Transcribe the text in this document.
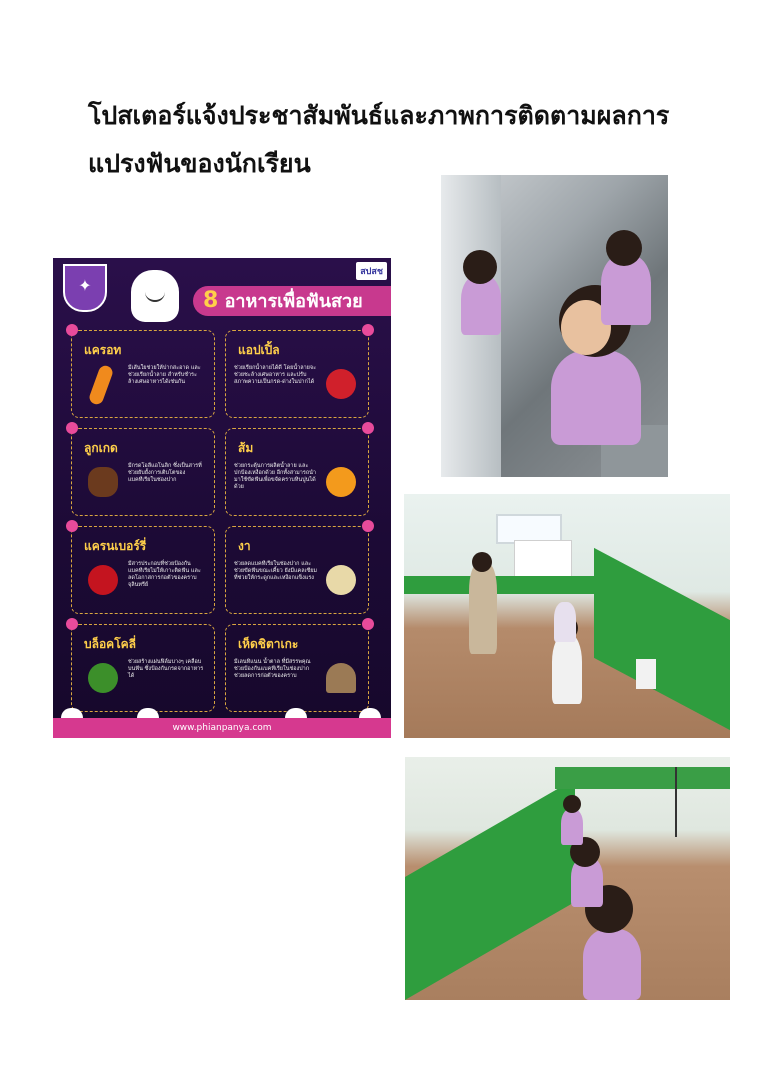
โปสเตอร์แจ้งประชาสัมพันธ์และภาพการติดตามผลการแปรงฟันของนักเรียน
✦
สปสช
8 อาหารเพื่อฟันสวย
แครอท
มีเส้นใยช่วยให้ปากสะอาด และช่วยเรียกน้ำลาย สำหรับชำระล้างเศษอาหารได้เช่นกัน
แอปเปิ้ล
ช่วยเรียกน้ำลายได้ดี โดยน้ำลายจะช่วยชะล้างเศษอาหาร และปรับสภาพความเป็นกรด-ด่างในปากได้
ลูกเกด
มีกรดโอลีแอโนลิก ซึ่งเป็นสารที่ช่วยยับยั้งการเติบโตของแบคทีเรียในช่องปาก
ส้ม
ช่วยกระตุ้นการผลิตน้ำลาย และปกป้องเหงือกด้วย อีกทั้งสามารถนำมาใช้ขัดฟันเพื่อขจัดคราบหินปูนได้ด้วย
แครนเบอร์รี่
มีสารประกอบที่ช่วยป้องกันแบคทีเรียไม่ให้เกาะติดฟัน และลดโอกาสการก่อตัวของคราบจุลินทรีย์
งา
ช่วยลดแบคทีเรียในช่องปาก และช่วยขัดฟันขณะเคี้ยว ยังมีแคลเซียมที่ช่วยให้กระดูกและเหงือกแข็งแรง
บล็อคโคลี่
ช่วยสร้างแผ่นฟิล์มบางๆ เคลือบบนฟัน ซึ่งป้องกันกรดจากอาหารได้
เห็ดชิตาเกะ
มีเลนทิแนน น้ำตาล ที่มีสรรพคุณช่วยป้องกันแบคทีเรียในช่องปาก ช่วยลดการก่อตัวของคราบ
www.phianpanya.com
